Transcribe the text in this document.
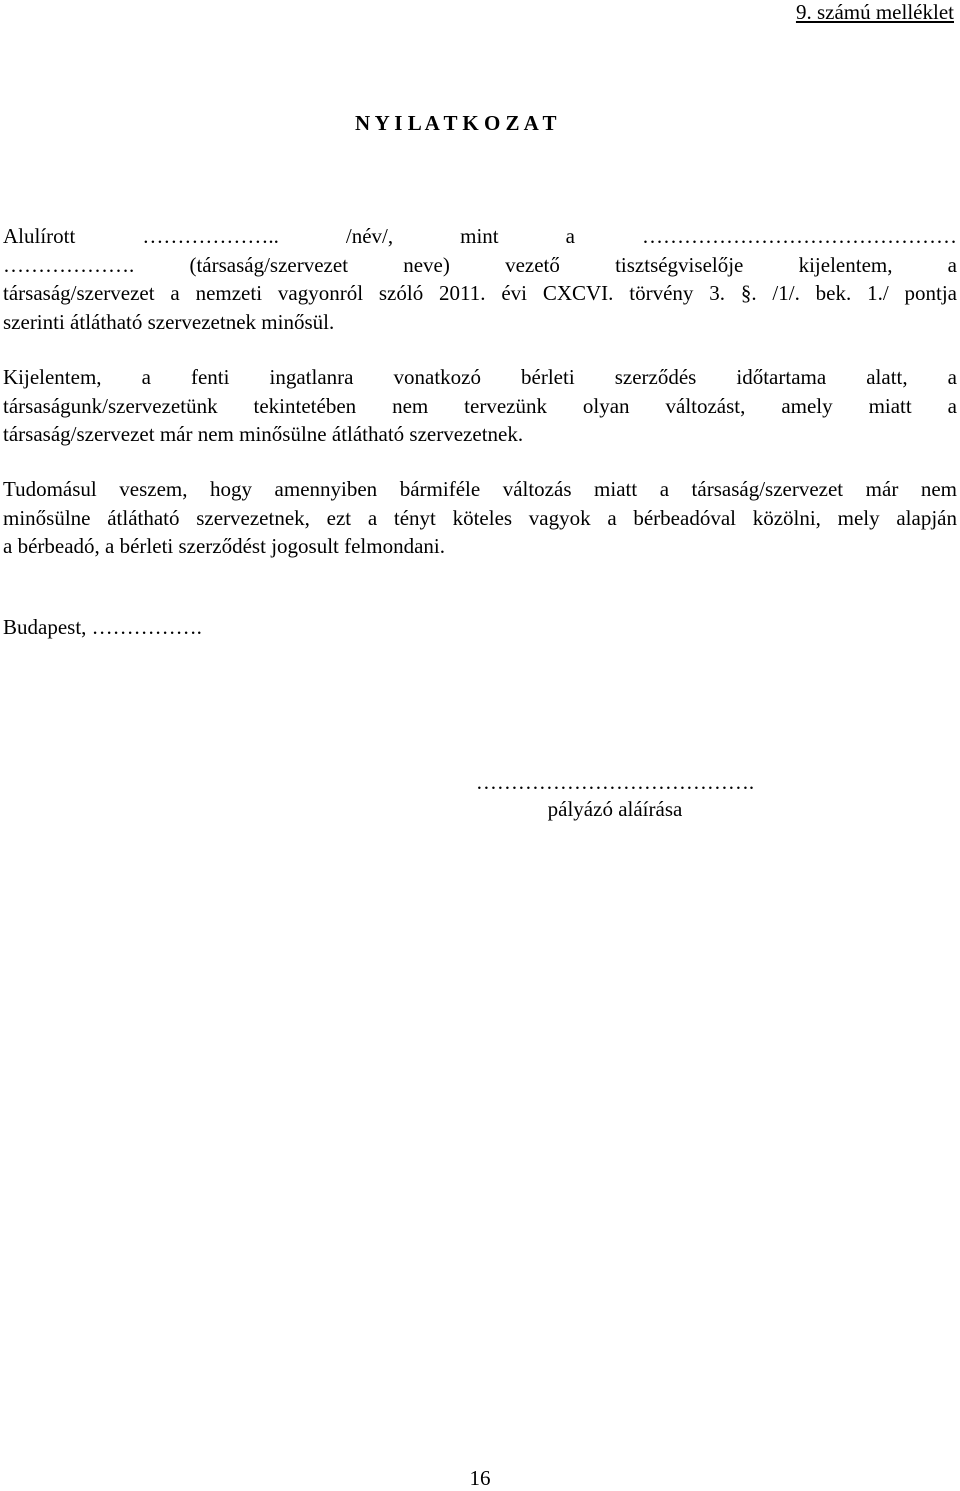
9. számú melléklet
N Y I L A T K O Z A T
Alulírott ……………….. /név/, mint a ………………………………………
………………. (társaság/szervezet neve) vezető tisztségviselője kijelentem, a
társaság/szervezet a nemzeti vagyonról szóló 2011. évi CXCVI. törvény 3. §. /1/. bek. 1./ pontja
szerinti átlátható szervezetnek minősül.
Kijelentem, a fenti ingatlanra vonatkozó bérleti szerződés időtartama alatt, a
társaságunk/szervezetünk tekintetében nem tervezünk olyan változást, amely miatt a
társaság/szervezet már nem minősülne átlátható szervezetnek.
Tudomásul veszem, hogy amennyiben bármiféle változás miatt a társaság/szervezet már nem
minősülne átlátható szervezetnek, ezt a tényt köteles vagyok a bérbeadóval közölni, mely alapján
a bérbeadó, a bérleti szerződést jogosult felmondani.
Budapest, …………….
………………………………….
pályázó aláírása
16
